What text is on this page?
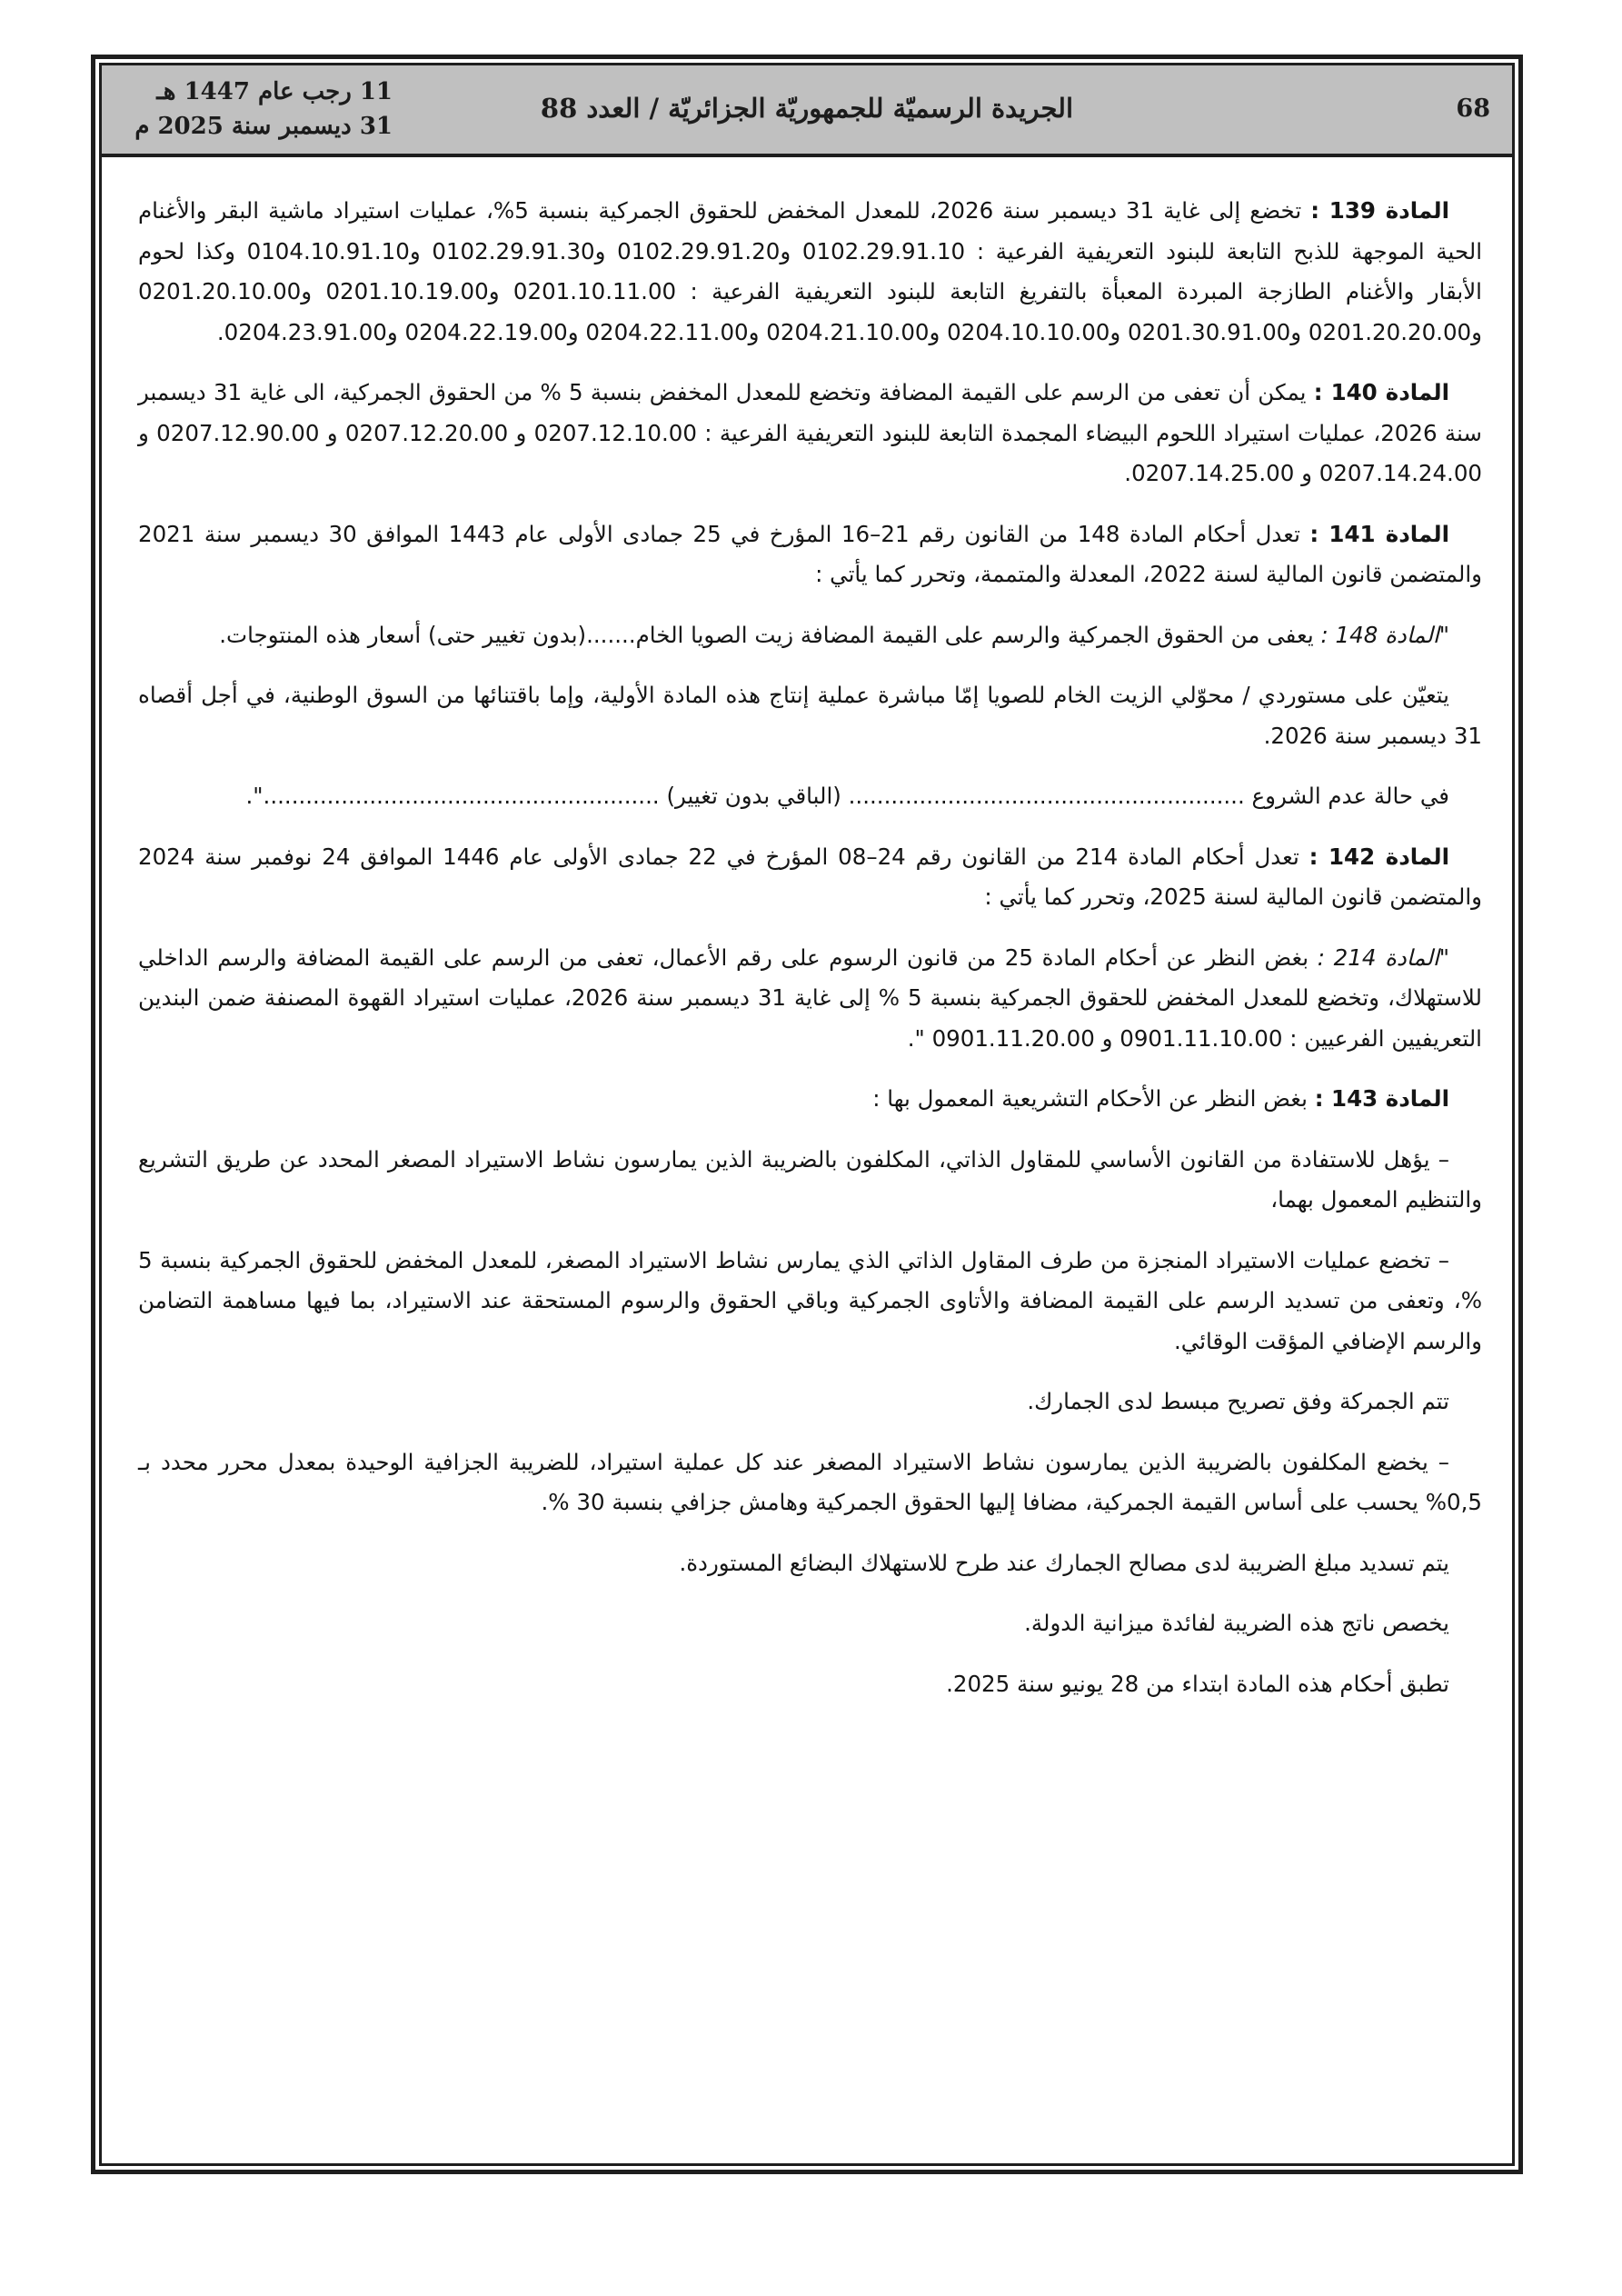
68
الجريدة الرسميّة للجمهوريّة الجزائريّة / العدد 88
11 رجب عام 1447 هـ
31 ديسمبر سنة 2025 م

المادة 139 : تخضع إلى غاية 31 ديسمبر سنة 2026، للمعدل المخفض للحقوق الجمركية بنسبة 5%، عمليات استيراد ماشية البقر والأغنام الحية الموجهة للذبح التابعة للبنود التعريفية الفرعية : 0102.29.91.10 و0102.29.91.20 و0102.29.91.30 و0104.10.91.10 وكذا لحوم الأبقار والأغنام الطازجة المبردة المعبأة بالتفريغ التابعة للبنود التعريفية الفرعية : 0201.10.11.00 و0201.10.19.00 و0201.20.10.00 و0201.20.20.00 و0201.30.91.00 و0204.10.10.00 و0204.21.10.00 و0204.22.11.00 و0204.22.19.00 و0204.23.91.00.

المادة 140 : يمكن أن تعفى من الرسم على القيمة المضافة وتخضع للمعدل المخفض بنسبة 5 % من الحقوق الجمركية، الى غاية 31 ديسمبر سنة 2026، عمليات استيراد اللحوم البيضاء المجمدة التابعة للبنود التعريفية الفرعية : 0207.12.10.00 و 0207.12.20.00 و 0207.12.90.00 و 0207.14.24.00 و 0207.14.25.00.

المادة 141 : تعدل أحكام المادة 148 من القانون رقم 21–16 المؤرخ في 25 جمادى الأولى عام 1443 الموافق 30 ديسمبر سنة 2021 والمتضمن قانون المالية لسنة 2022، المعدلة والمتممة، وتحرر كما يأتي :

"المادة 148 : يعفى من الحقوق الجمركية والرسم على القيمة المضافة زيت الصويا الخام.......(بدون تغيير حتى) أسعار هذه المنتوجات.

يتعيّن على مستوردي / محوّلي الزيت الخام للصويا إمّا مباشرة عملية إنتاج هذه المادة الأولية، وإما باقتنائها من السوق الوطنية، في أجل أقصاه 31 ديسمبر سنة 2026.

في حالة عدم الشروع ........................................................ (الباقي بدون تغيير) ........................................................".

المادة 142 : تعدل أحكام المادة 214 من القانون رقم 24–08 المؤرخ في 22 جمادى الأولى عام 1446 الموافق 24 نوفمبر سنة 2024 والمتضمن قانون المالية لسنة 2025، وتحرر كما يأتي :

"المادة 214 : بغض النظر عن أحكام المادة 25 من قانون الرسوم على رقم الأعمال، تعفى من الرسم على القيمة المضافة والرسم الداخلي للاستهلاك، وتخضع للمعدل المخفض للحقوق الجمركية بنسبة 5 % إلى غاية 31 ديسمبر سنة 2026، عمليات استيراد القهوة المصنفة ضمن البندين التعريفيين الفرعيين : 0901.11.10.00 و 0901.11.20.00 ".

المادة 143 : بغض النظر عن الأحكام التشريعية المعمول بها :

– يؤهل للاستفادة من القانون الأساسي للمقاول الذاتي، المكلفون بالضريبة الذين يمارسون نشاط الاستيراد المصغر المحدد عن طريق التشريع والتنظيم المعمول بهما،

– تخضع عمليات الاستيراد المنجزة من طرف المقاول الذاتي الذي يمارس نشاط الاستيراد المصغر، للمعدل المخفض للحقوق الجمركية بنسبة 5 %، وتعفى من تسديد الرسم على القيمة المضافة والأتاوى الجمركية وباقي الحقوق والرسوم المستحقة عند الاستيراد، بما فيها مساهمة التضامن والرسم الإضافي المؤقت الوقائي.

تتم الجمركة وفق تصريح مبسط لدى الجمارك.

– يخضع المكلفون بالضريبة الذين يمارسون نشاط الاستيراد المصغر عند كل عملية استيراد، للضريبة الجزافية الوحيدة بمعدل محرر محدد بـ 0,5% يحسب على أساس القيمة الجمركية، مضافا إليها الحقوق الجمركية وهامش جزافي بنسبة 30 %.

يتم تسديد مبلغ الضريبة لدى مصالح الجمارك عند طرح للاستهلاك البضائع المستوردة.

يخصص ناتج هذه الضريبة لفائدة ميزانية الدولة.

تطبق أحكام هذه المادة ابتداء من 28 يونيو سنة 2025.
